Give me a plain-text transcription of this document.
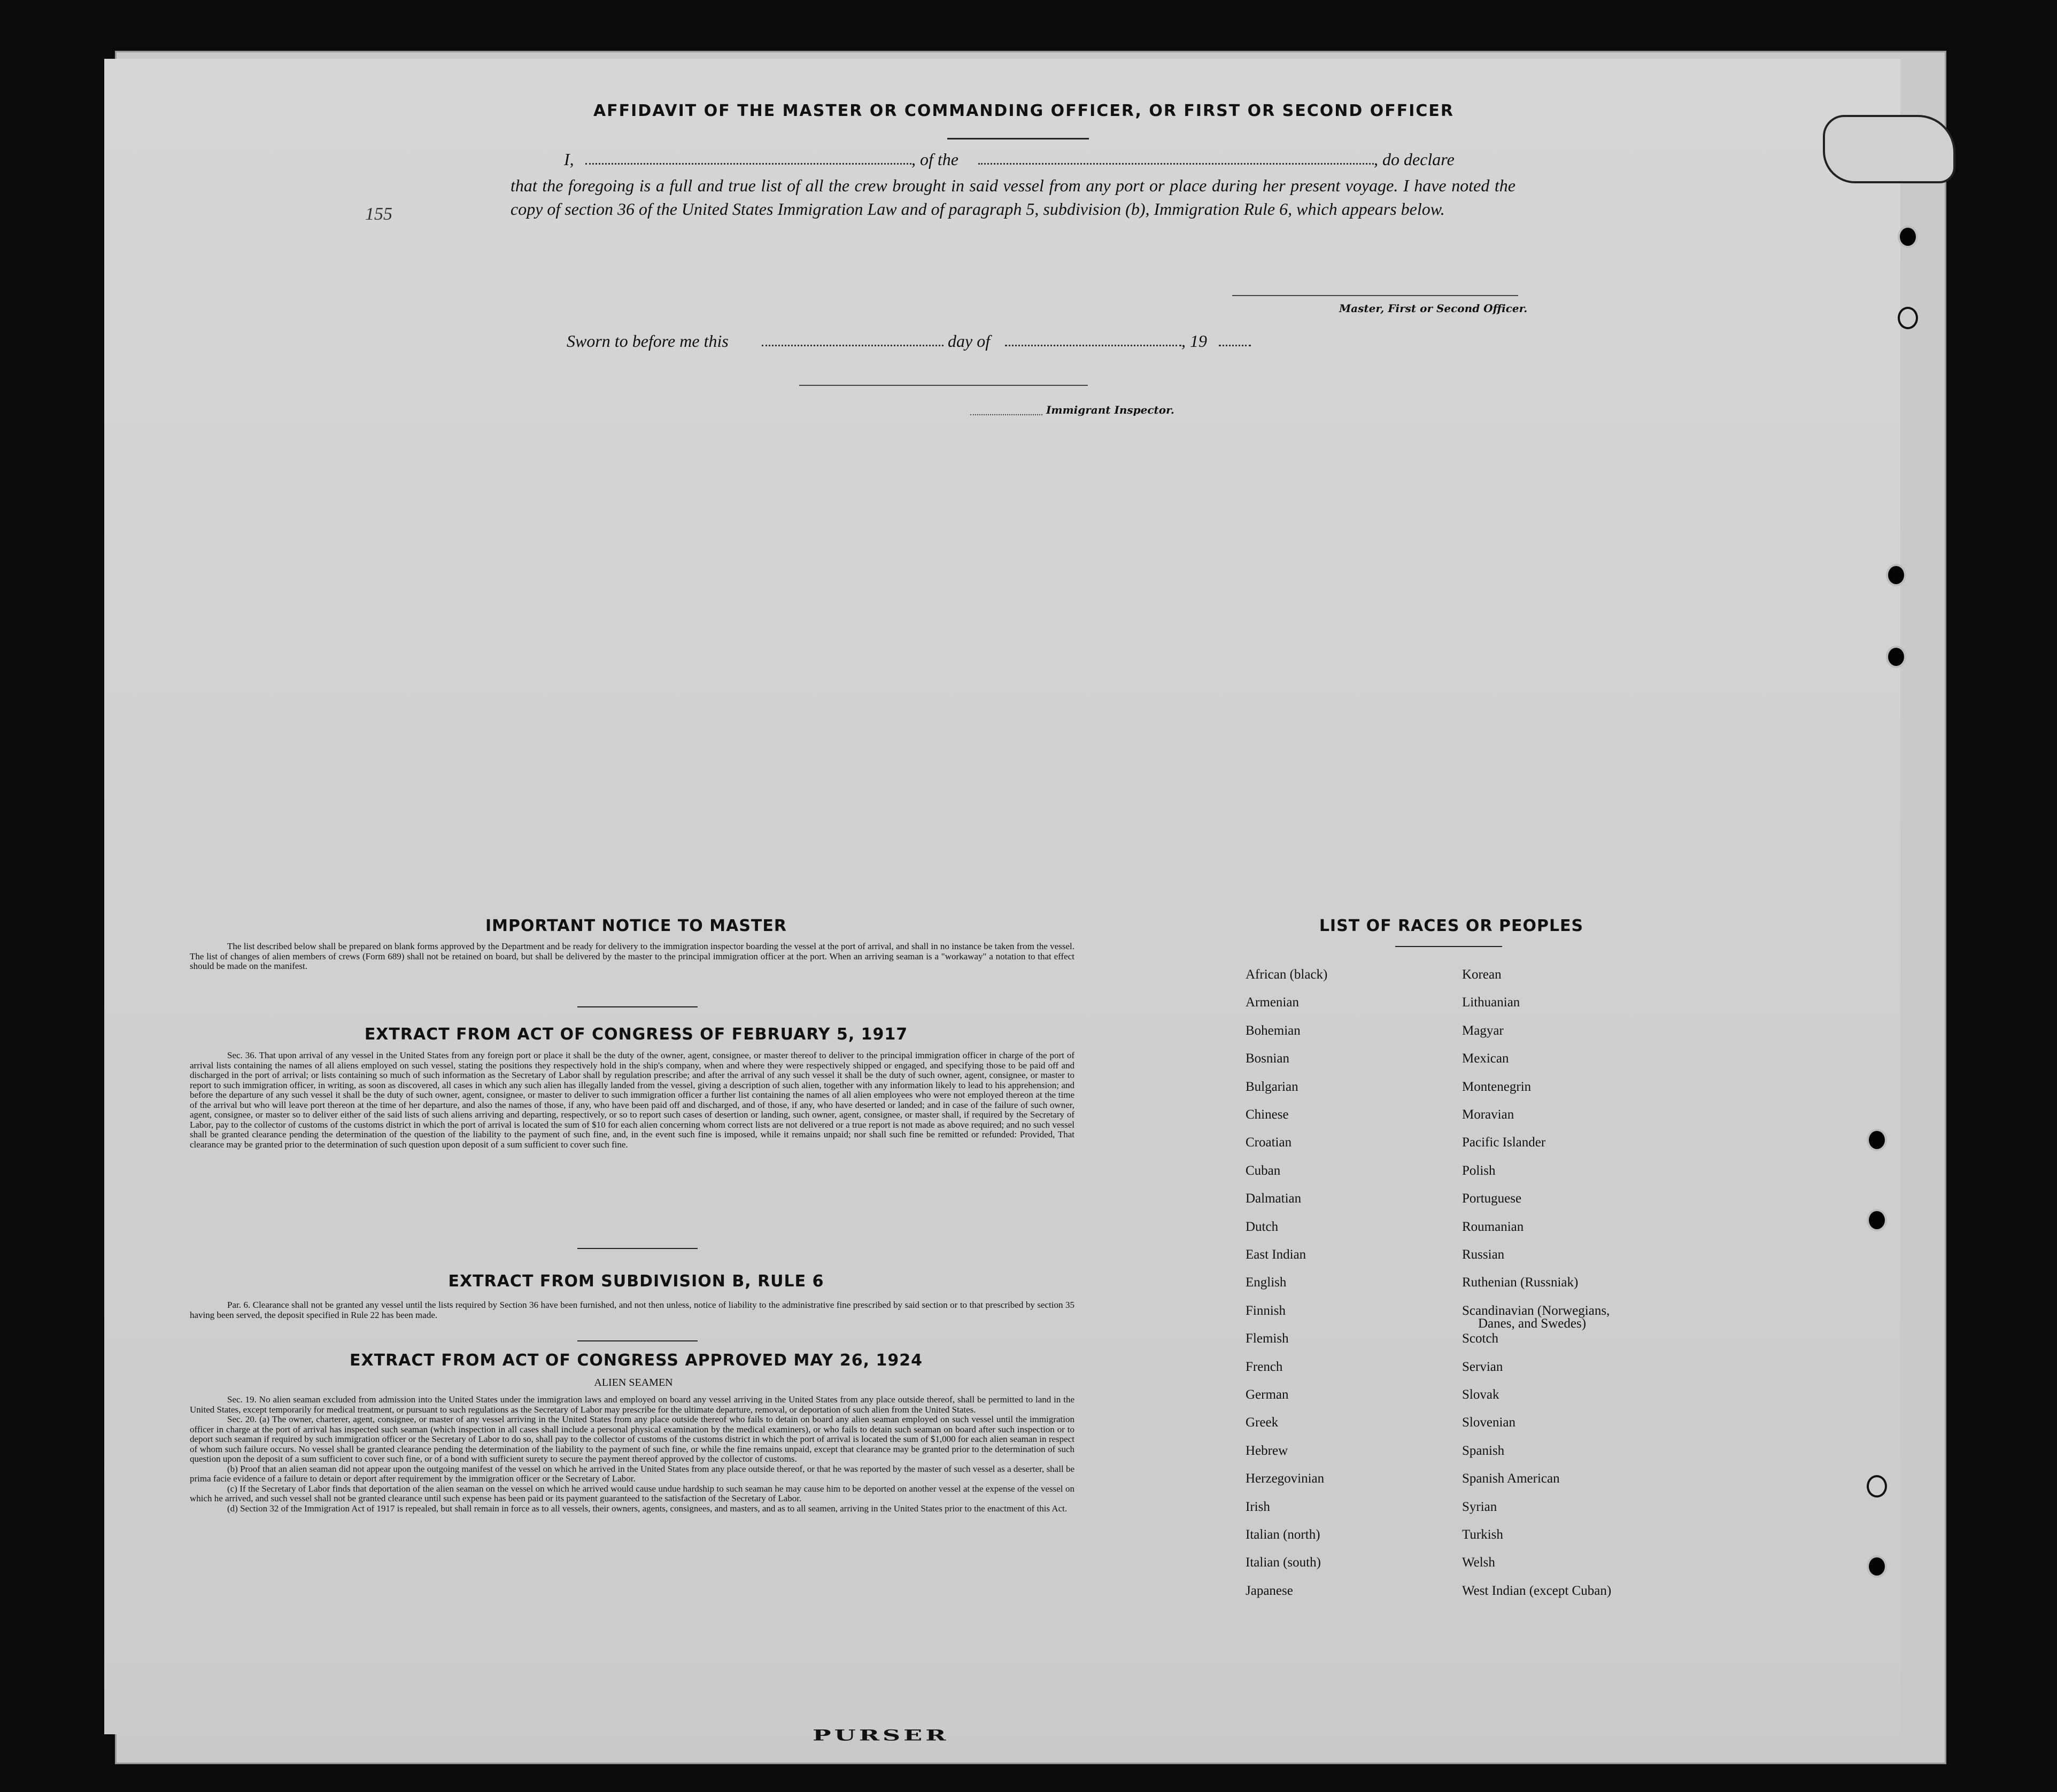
155
AFFIDAVIT OF THE MASTER OR COMMANDING OFFICER, OR FIRST OR SECOND OFFICER
I,	, of the	, do declare
that the foregoing is a full and true list of all the crew brought in said vessel from any port or place during her present voyage. I have noted the copy of section 36 of the United States Immigration Law and of paragraph 5, subdivision (b), Immigration Rule 6, which appears below.
Master, First or Second Officer.
Sworn to before me this	day of	, 19
Immigrant Inspector.
IMPORTANT NOTICE TO MASTER
The list described below shall be prepared on blank forms approved by the Department and be ready for delivery to the immigration inspector boarding the vessel at the port of arrival, and shall in no instance be taken from the vessel. The list of changes of alien members of crews (Form 689) shall not be retained on board, but shall be delivered by the master to the principal immigration officer at the port. When an arriving seaman is a "workaway" a notation to that effect should be made on the manifest.
EXTRACT FROM ACT OF CONGRESS OF FEBRUARY 5, 1917
Sec. 36. That upon arrival of any vessel in the United States from any foreign port or place it shall be the duty of the owner, agent, consignee, or master thereof to deliver to the principal immigration officer in charge of the port of arrival lists containing the names of all aliens employed on such vessel, stating the positions they respectively hold in the ship's company, when and where they were respectively shipped or engaged, and specifying those to be paid off and discharged in the port of arrival; or lists containing so much of such information as the Secretary of Labor shall by regulation prescribe; and after the arrival of any such vessel it shall be the duty of such owner, agent, consignee, or master to report to such immigration officer, in writing, as soon as discovered, all cases in which any such alien has illegally landed from the vessel, giving a description of such alien, together with any information likely to lead to his apprehension; and before the departure of any such vessel it shall be the duty of such owner, agent, consignee, or master to deliver to such immigration officer a further list containing the names of all alien employees who were not employed thereon at the time of the arrival but who will leave port thereon at the time of her departure, and also the names of those, if any, who have been paid off and discharged, and of those, if any, who have deserted or landed; and in case of the failure of such owner, agent, consignee, or master so to deliver either of the said lists of such aliens arriving and departing, respectively, or so to report such cases of desertion or landing, such owner, agent, consignee, or master shall, if required by the Secretary of Labor, pay to the collector of customs of the customs district in which the port of arrival is located the sum of $10 for each alien concerning whom correct lists are not delivered or a true report is not made as above required; and no such vessel shall be granted clearance pending the determination of the question of the liability to the payment of such fine, and, in the event such fine is imposed, while it remains unpaid; nor shall such fine be remitted or refunded: Provided, That clearance may be granted prior to the determination of such question upon deposit of a sum sufficient to cover such fine.
EXTRACT FROM SUBDIVISION B, RULE 6
Par. 6. Clearance shall not be granted any vessel until the lists required by Section 36 have been furnished, and not then unless, notice of liability to the administrative fine prescribed by said section or to that prescribed by section 35 having been served, the deposit specified in Rule 22 has been made.
EXTRACT FROM ACT OF CONGRESS APPROVED MAY 26, 1924
ALIEN SEAMEN
Sec. 19. No alien seaman excluded from admission into the United States under the immigration laws and employed on board any vessel arriving in the United States from any place outside thereof, shall be permitted to land in the United States, except temporarily for medical treatment, or pursuant to such regulations as the Secretary of Labor may prescribe for the ultimate departure, removal, or deportation of such alien from the United States.
Sec. 20. (a) The owner, charterer, agent, consignee, or master of any vessel arriving in the United States from any place outside thereof who fails to detain on board any alien seaman employed on such vessel until the immigration officer in charge at the port of arrival has inspected such seaman (which inspection in all cases shall include a personal physical examination by the medical examiners), or who fails to detain such seaman on board after such inspection or to deport such seaman if required by such immigration officer or the Secretary of Labor to do so, shall pay to the collector of customs of the customs district in which the port of arrival is located the sum of $1,000 for each alien seaman in respect of whom such failure occurs. No vessel shall be granted clearance pending the determination of the liability to the payment of such fine, or while the fine remains unpaid, except that clearance may be granted prior to the determination of such question upon the deposit of a sum sufficient to cover such fine, or of a bond with sufficient surety to secure the payment thereof approved by the collector of customs.
(b) Proof that an alien seaman did not appear upon the outgoing manifest of the vessel on which he arrived in the United States from any place outside thereof, or that he was reported by the master of such vessel as a deserter, shall be prima facie evidence of a failure to detain or deport after requirement by the immigration officer or the Secretary of Labor.
(c) If the Secretary of Labor finds that deportation of the alien seaman on the vessel on which he arrived would cause undue hardship to such seaman he may cause him to be deported on another vessel at the expense of the vessel on which he arrived, and such vessel shall not be granted clearance until such expense has been paid or its payment guaranteed to the satisfaction of the Secretary of Labor.
(d) Section 32 of the Immigration Act of 1917 is repealed, but shall remain in force as to all vessels, their owners, agents, consignees, and masters, and as to all seamen, arriving in the United States prior to the enactment of this Act.
LIST OF RACES OR PEOPLES
PURSER
African (black)
Armenian
Bohemian
Bosnian
Bulgarian
Chinese
Croatian
Cuban
Dalmatian
Dutch
East Indian
English
Finnish
Flemish
French
German
Greek
Hebrew
Herzegovinian
Irish
Italian (north)
Italian (south)
Japanese
Korean
Lithuanian
Magyar
Mexican
Montenegrin
Moravian
Pacific Islander
Polish
Portuguese
Roumanian
Russian
Ruthenian (Russniak)
Scandinavian (Norwegians,
Danes, and Swedes)
Scotch
Servian
Slovak
Slovenian
Spanish
Spanish American
Syrian
Turkish
Welsh
West Indian (except Cuban)
